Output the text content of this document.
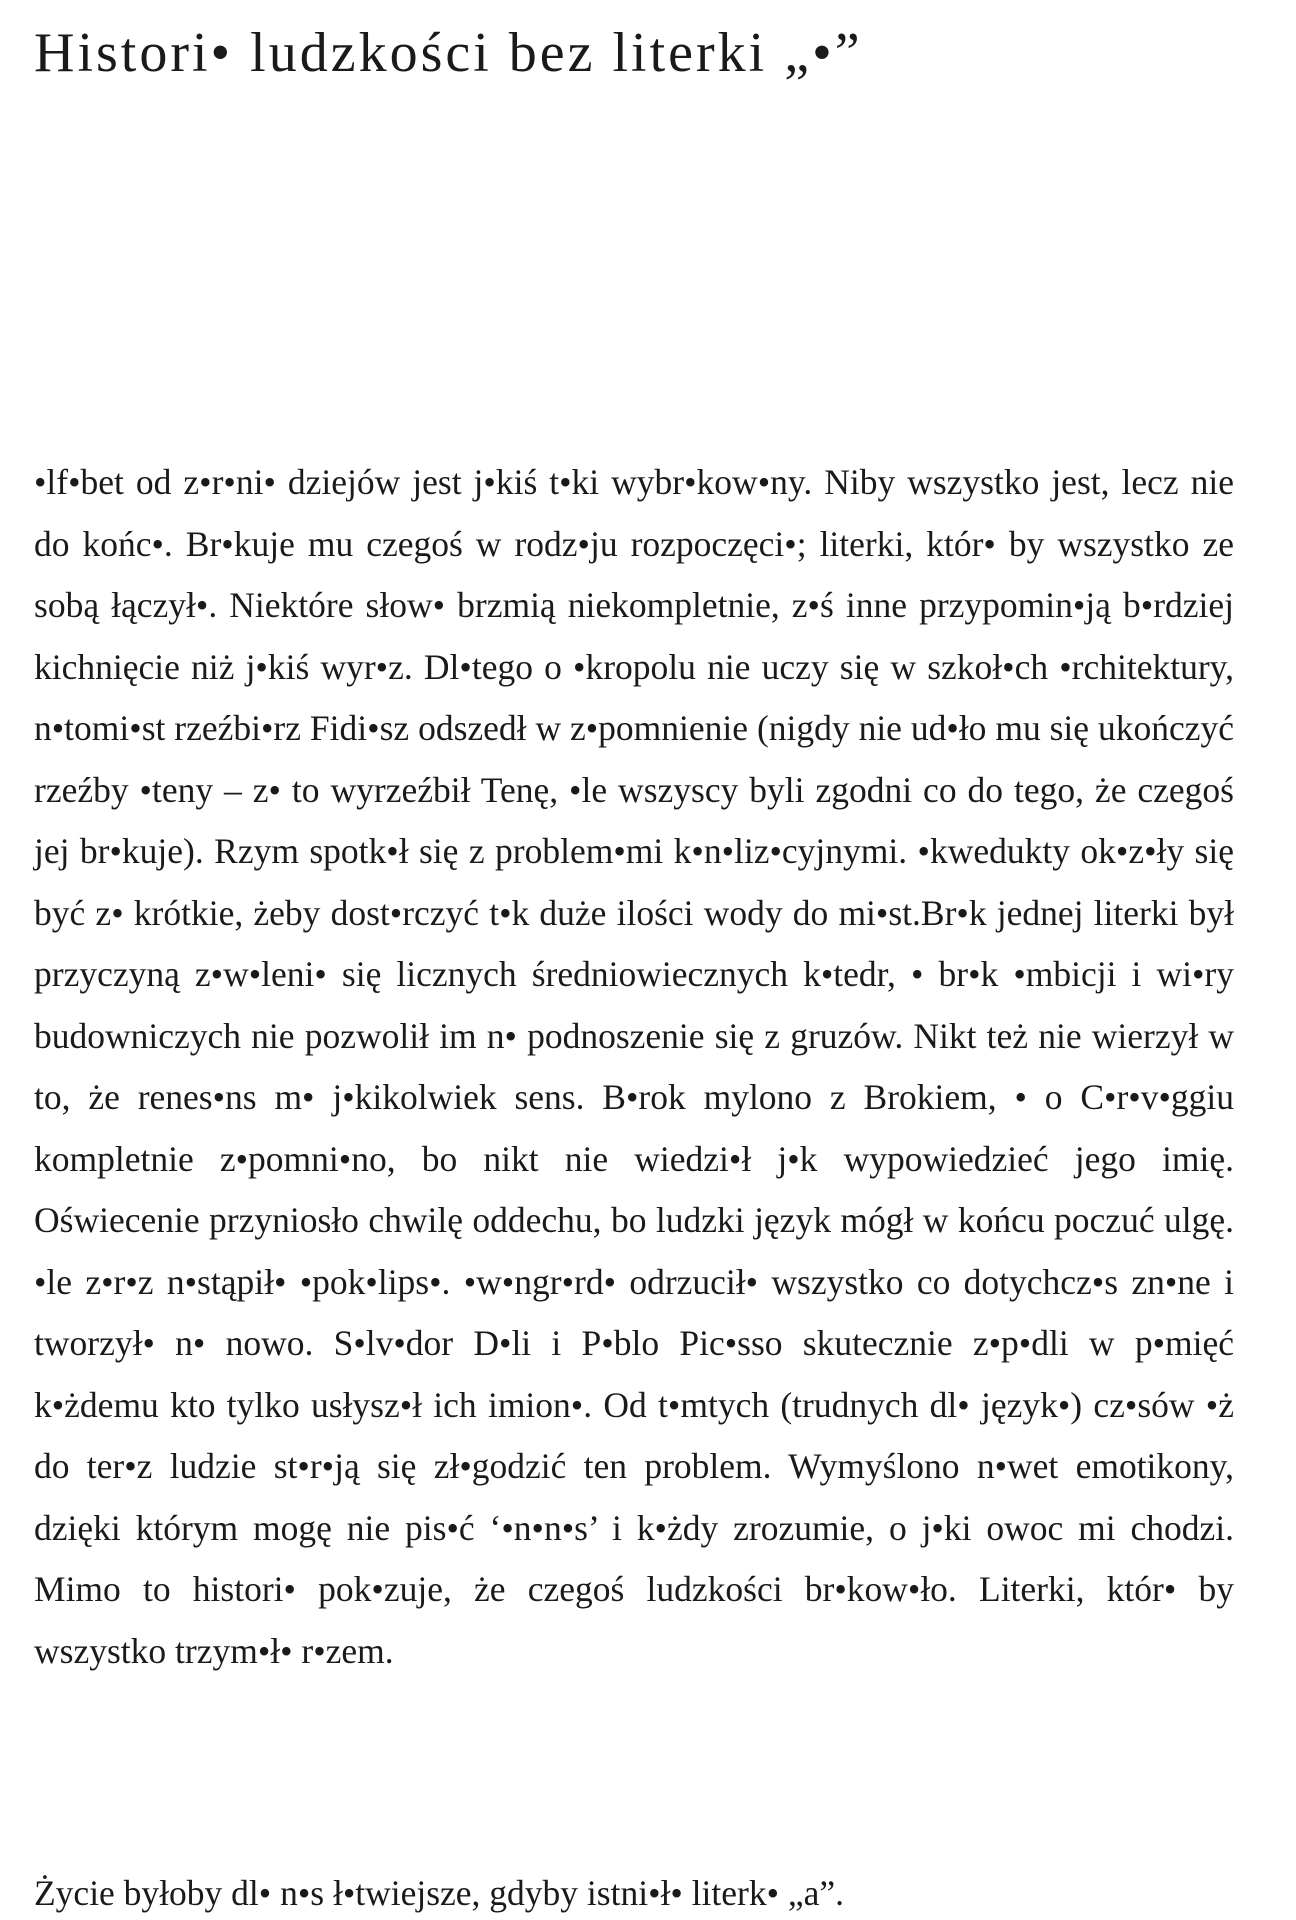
Histori• ludzkości bez literki „•”

•lf•bet od z•r•ni• dziejów jest j•kiś t•ki wybr•kow•ny. Niby wszystko jest, lecz nie do końc•. Br•kuje mu czegoś w rodz•ju rozpoczęci•; literki, któr• by wszystko ze sobą łączył•. Niektóre słow• brzmią niekompletnie, z•ś inne przypomin•ją b•rdziej kichnięcie niż j•kiś wyr•z. Dl•tego o •kropolu nie uczy się w szkoł•ch •rchitektury, n•tomi•st rzeźbi•rz Fidi•sz odszedł w z•pomnienie (nigdy nie ud•ło mu się ukończyć rzeźby •teny – z• to wyrzeźbił Tenę, •le wszyscy byli zgodni co do tego, że czegoś jej br•kuje). Rzym spotk•ł się z problem•mi k•n•liz•cyjnymi. •kwedukty ok•z•ły się być z• krótkie, żeby dost•rczyć t•k duże ilości wody do mi•st.Br•k jednej literki był przyczyną z•w•leni• się licznych średniowiecznych k•tedr, • br•k •mbicji i wi•ry budowniczych nie pozwolił im n• podnoszenie się z gruzów. Nikt też nie wierzył w to, że renes•ns m• j•kikolwiek sens. B•rok mylono z Brokiem, • o C•r•v•ggiu kompletnie z•pomni•no, bo nikt nie wiedzi•ł j•k wypowiedzieć jego imię. Oświecenie przyniosło chwilę oddechu, bo ludzki język mógł w końcu poczuć ulgę. •le z•r•z n•stąpił• •pok•lips•. •w•ngr•rd• odrzucił• wszystko co dotychcz•s zn•ne i tworzył• n• nowo. S•lv•dor D•li i P•blo Pic•sso skutecznie z•p•dli w p•mięć k•żdemu kto tylko usłysz•ł ich imion•. Od t•mtych (trudnych dl• język•) cz•sów •ż do ter•z ludzie st•r•ją się zł•godzić ten problem. Wymyślono n•wet emotikony, dzięki którym mogę nie pis•ć ‘•n•n•s’ i k•żdy zrozumie, o j•ki owoc mi chodzi. Mimo to histori• pok•zuje, że czegoś ludzkości br•kow•ło. Literki, któr• by wszystko trzym•ł• r•zem.

Życie byłoby dl• n•s ł•twiejsze, gdyby istni•ł• literk• „a”.
